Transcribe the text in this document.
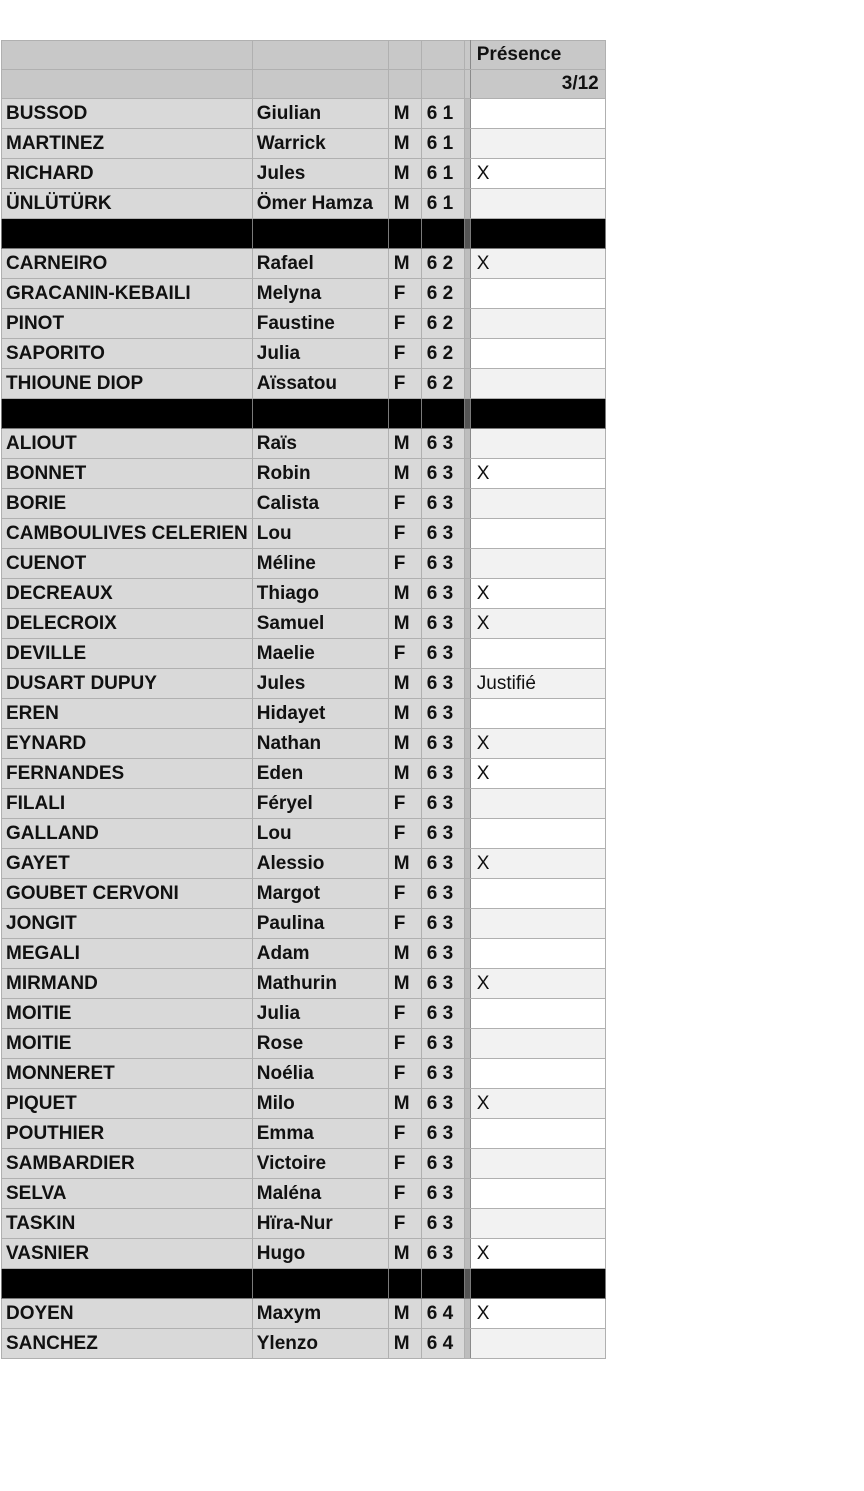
					Présence
					3/12
BUSSOD	Giulian	M	6 1		
MARTINEZ	Warrick	M	6 1		
RICHARD	Jules	M	6 1		X
ÜNLÜTÜRK	Ömer Hamza	M	6 1		

CARNEIRO	Rafael	M	6 2		X
GRACANIN-KEBAILI	Melyna	F	6 2		
PINOT	Faustine	F	6 2		
SAPORITO	Julia	F	6 2		
THIOUNE DIOP	Aïssatou	F	6 2		

ALIOUT	Raïs	M	6 3		
BONNET	Robin	M	6 3		X
BORIE	Calista	F	6 3		
CAMBOULIVES CELERIEN	Lou	F	6 3		
CUENOT	Méline	F	6 3		
DECREAUX	Thiago	M	6 3		X
DELECROIX	Samuel	M	6 3		X
DEVILLE	Maelie	F	6 3		
DUSART DUPUY	Jules	M	6 3		Justifié
EREN	Hidayet	M	6 3		
EYNARD	Nathan	M	6 3		X
FERNANDES	Eden	M	6 3		X
FILALI	Féryel	F	6 3		
GALLAND	Lou	F	6 3		
GAYET	Alessio	M	6 3		X
GOUBET CERVONI	Margot	F	6 3		
JONGIT	Paulina	F	6 3		
MEGALI	Adam	M	6 3		
MIRMAND	Mathurin	M	6 3		X
MOITIE	Julia	F	6 3		
MOITIE	Rose	F	6 3		
MONNERET	Noélia	F	6 3		
PIQUET	Milo	M	6 3		X
POUTHIER	Emma	F	6 3		
SAMBARDIER	Victoire	F	6 3		
SELVA	Maléna	F	6 3		
TASKIN	Hïra-Nur	F	6 3		
VASNIER	Hugo	M	6 3		X

DOYEN	Maxym	M	6 4		X
SANCHEZ	Ylenzo	M	6 4		
